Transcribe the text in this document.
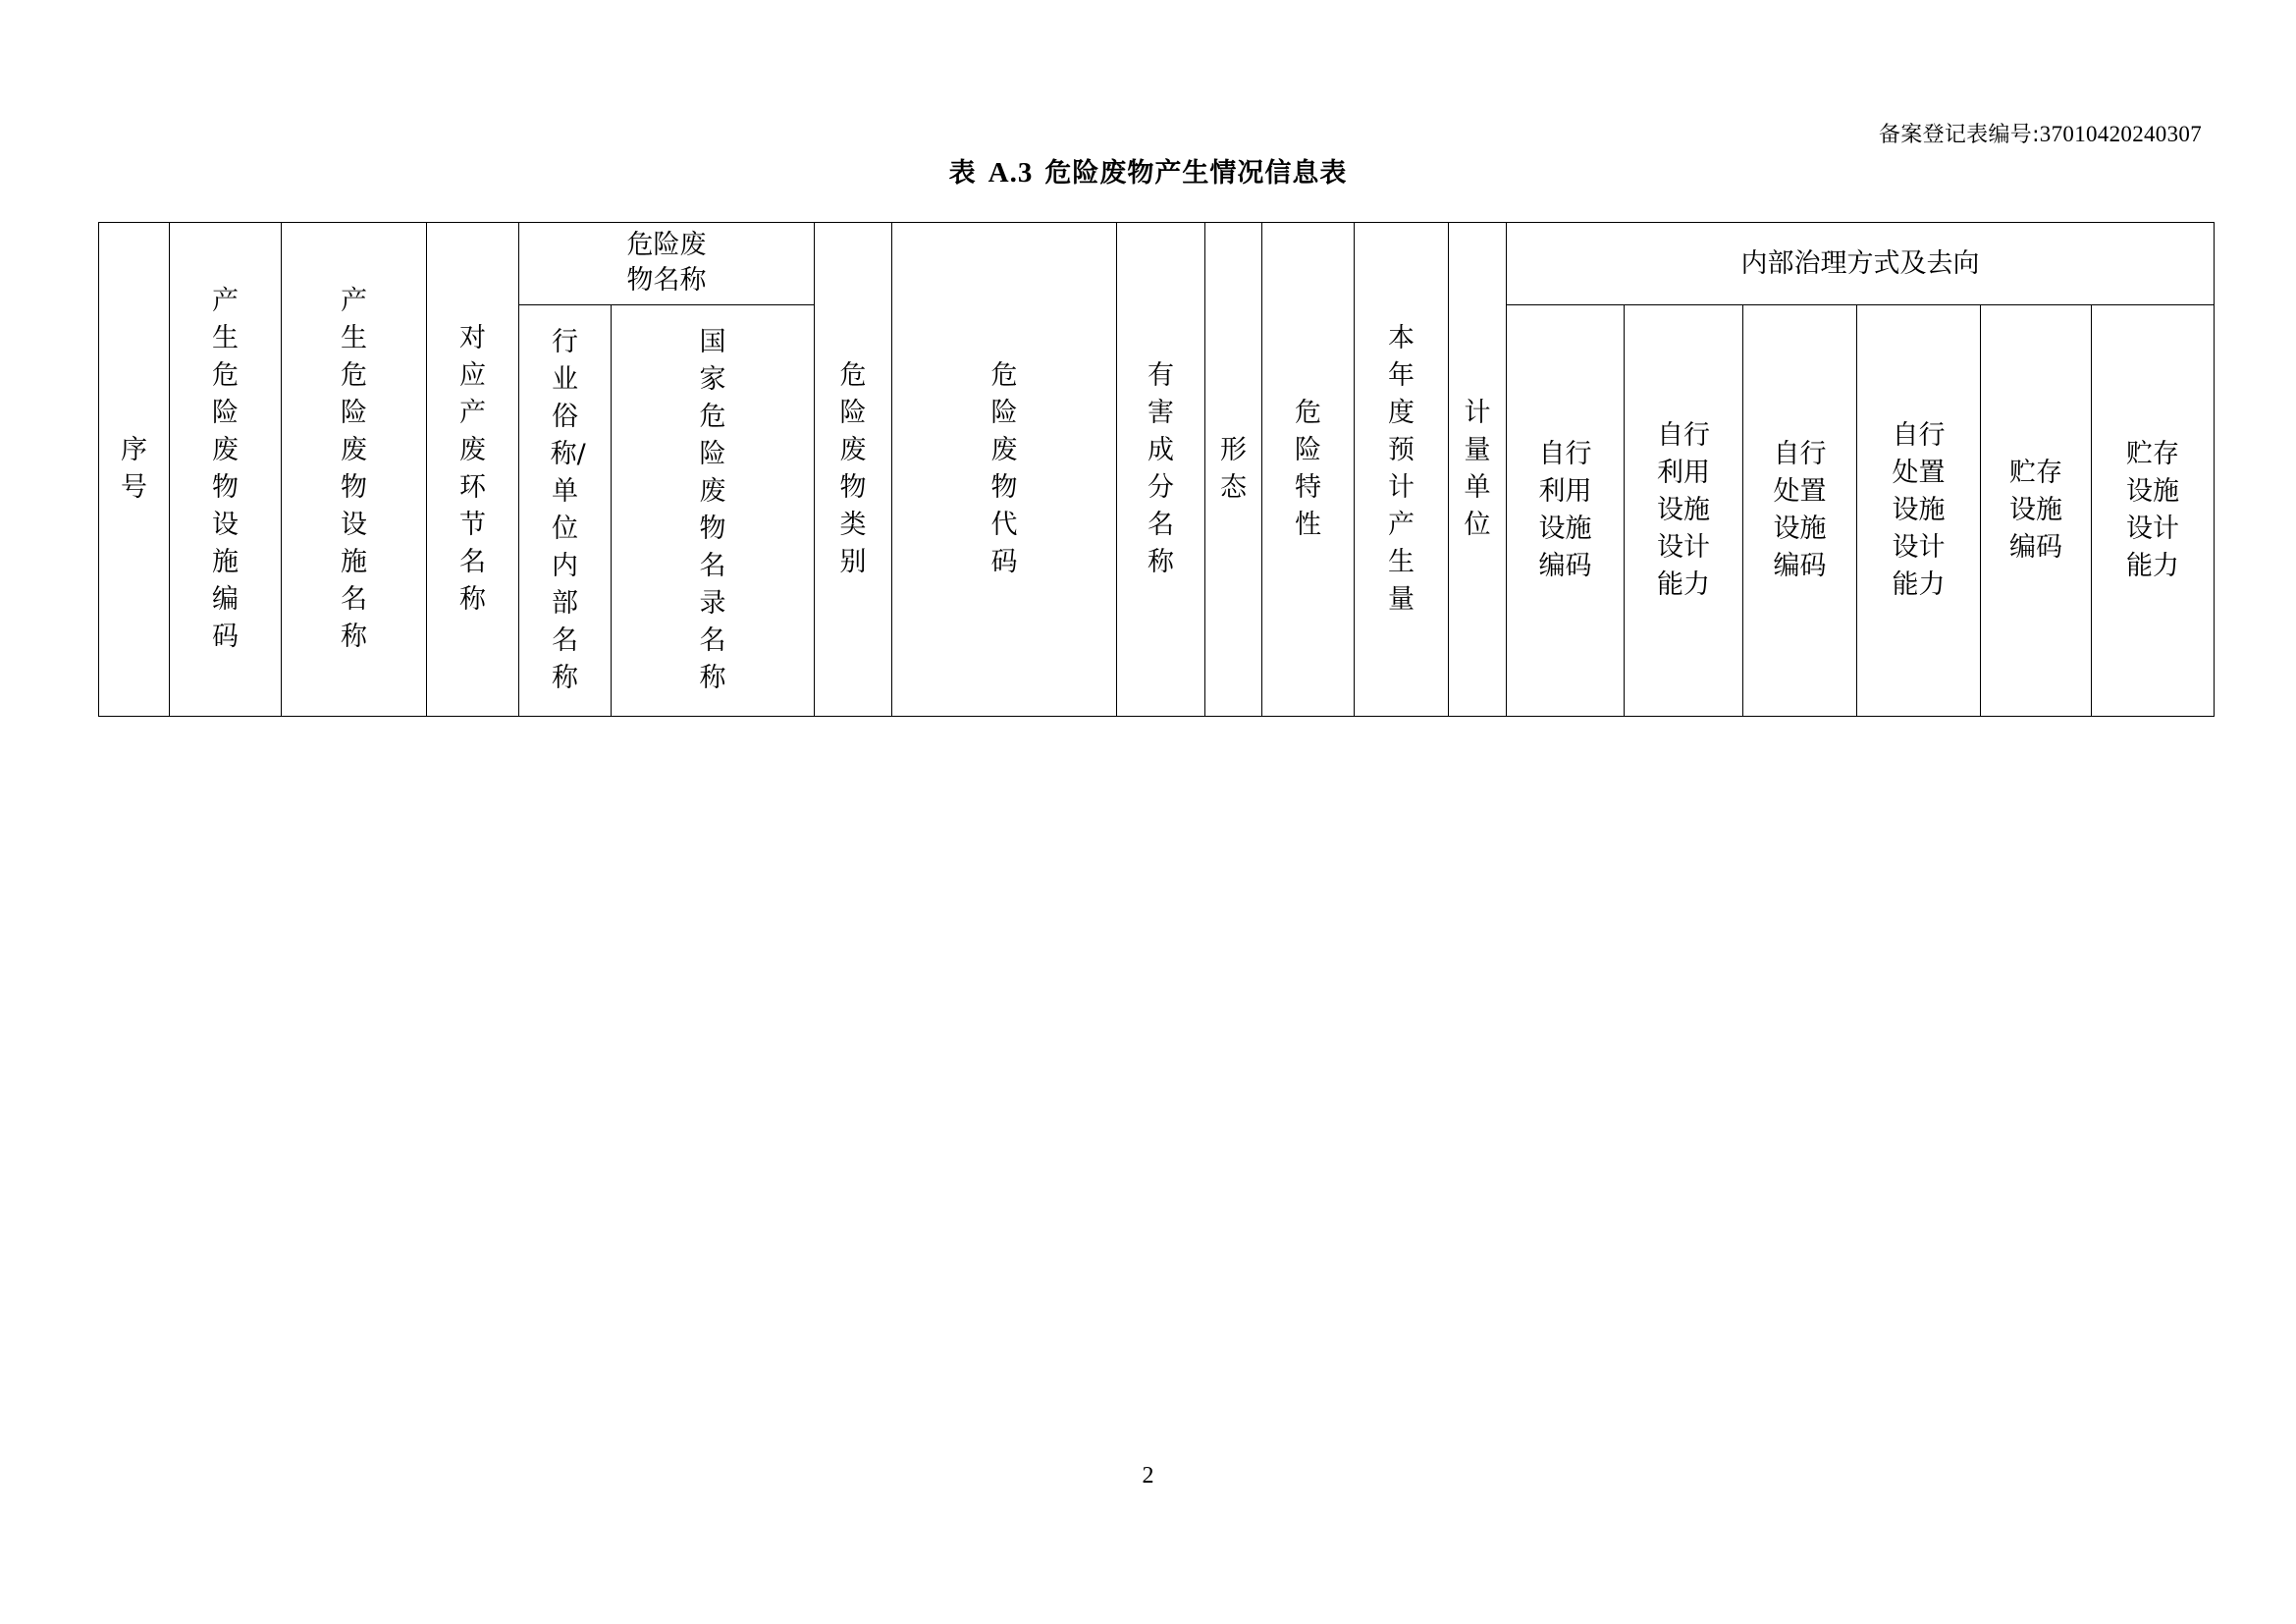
备案登记表编号:37010420240307
表 A.3 危险废物产生情况信息表
序号	产生危险废物设施编码	产生危险废物设施名称	对应产废环节名称	危险废物名称		危险废物类别	危险废物代码	有害成分名称	形态	危险特性	本年度预计产生量	计量单位	内部治理方式及去向					
				行业俗称/单位内部名称	国家危险废物名录名称								自行利用设施编码	自行利用设施设计能力	自行处置设施编码	自行处置设施设计能力	贮存设施编码	贮存设施设计能力
2
